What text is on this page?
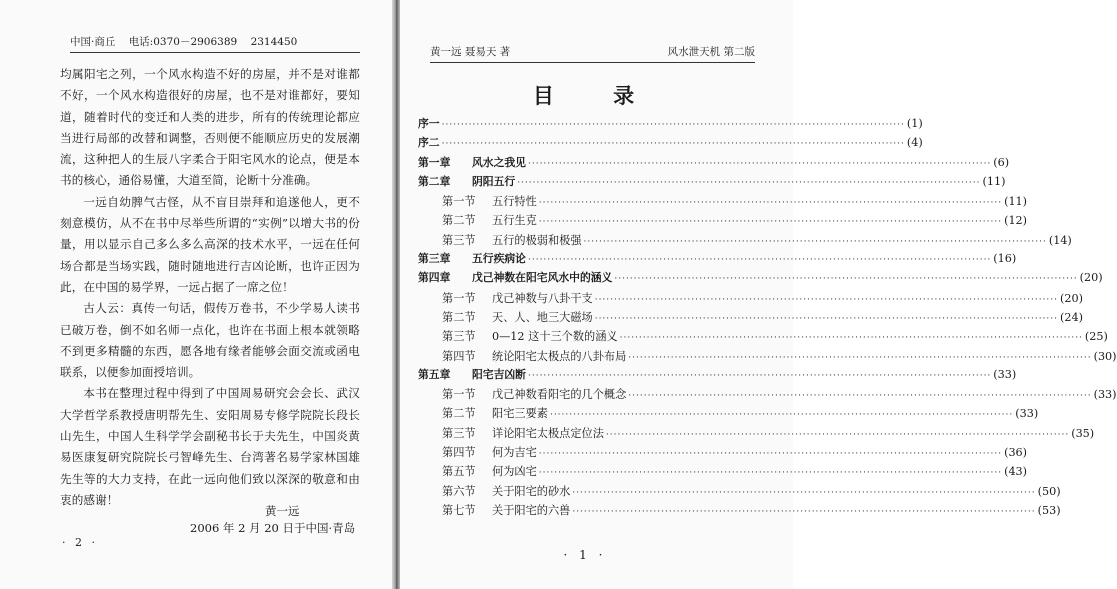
中国·商丘 电话:0370－2906389 2314450

均属阳宅之列，一个风水构造不好的房屋，并不是对谁都不好，一个风水构造很好的房屋，也不是对谁都好，要知道，随着时代的变迁和人类的进步，所有的传统理论都应当进行局部的改替和调整，否则便不能顺应历史的发展潮流，这种把人的生辰八字柔合于阳宅风水的论点，便是本书的核心，通俗易懂，大道至简，论断十分准确。

一远自幼脾气古怪，从不盲目崇拜和追遂他人，更不刻意模仿，从不在书中尽举些所谓的“实例”以增大书的份量，用以显示自己多么多么高深的技术水平，一远在任何场合都是当场实践，随时随地进行吉凶论断，也许正因为此，在中国的易学界，一远占据了一席之位！

古人云：真传一句话，假传万卷书，不少学易人读书已破万卷，倒不如名师一点化，也许在书面上根本就领略不到更多精髓的东西，愿各地有缘者能够会面交流或函电联系，以便参加面授培训。

本书在整理过程中得到了中国周易研究会会长、武汉大学哲学系教授唐明帮先生、安阳周易专修学院院长段长山先生，中国人生科学学会副秘书长于夫先生，中国炎黄易医康复研究院院长弓智峰先生、台湾著名易学家林国雄先生等的大力支持，在此一远向他们致以深深的敬意和由衷的感谢！

黄一远
2006 年 2 月 20 日于中国·青岛
· 2 ·
黄一远 聂易天 著	风水泄天机 第二版
目 录
序一 ························································································································ (1)
序二 ························································································································ (4)
第一章 风水之我见 ························································································································ (6)
第二章 阴阳五行 ························································································································ (11)
第一节 五行特性 ························································································································ (11)
第二节 五行生克 ························································································································ (12)
第三节 五行的极弱和极强 ························································································································ (14)
第三章 五行疾病论 ························································································································ (16)
第四章 戊己神数在阳宅风水中的涵义 ························································································································ (20)
第一节 戊己神数与八卦干支 ························································································································ (20)
第二节 天、人、地三大磁场 ························································································································ (24)
第三节 0—12 这十三个数的涵义 ························································································································ (25)
第四节 统论阳宅太极点的八卦布局 ························································································································ (30)
第五章 阳宅吉凶断 ························································································································ (33)
第一节 戊己神数看阳宅的几个概念 ························································································································ (33)
第二节 阳宅三要素 ························································································································ (33)
第三节 详论阳宅太极点定位法 ························································································································ (35)
第四节 何为吉宅 ························································································································ (36)
第五节 何为凶宅 ························································································································ (43)
第六节 关于阳宅的砂水 ························································································································ (50)
第七节 关于阳宅的六兽 ························································································································ (53)
· 1 ·
